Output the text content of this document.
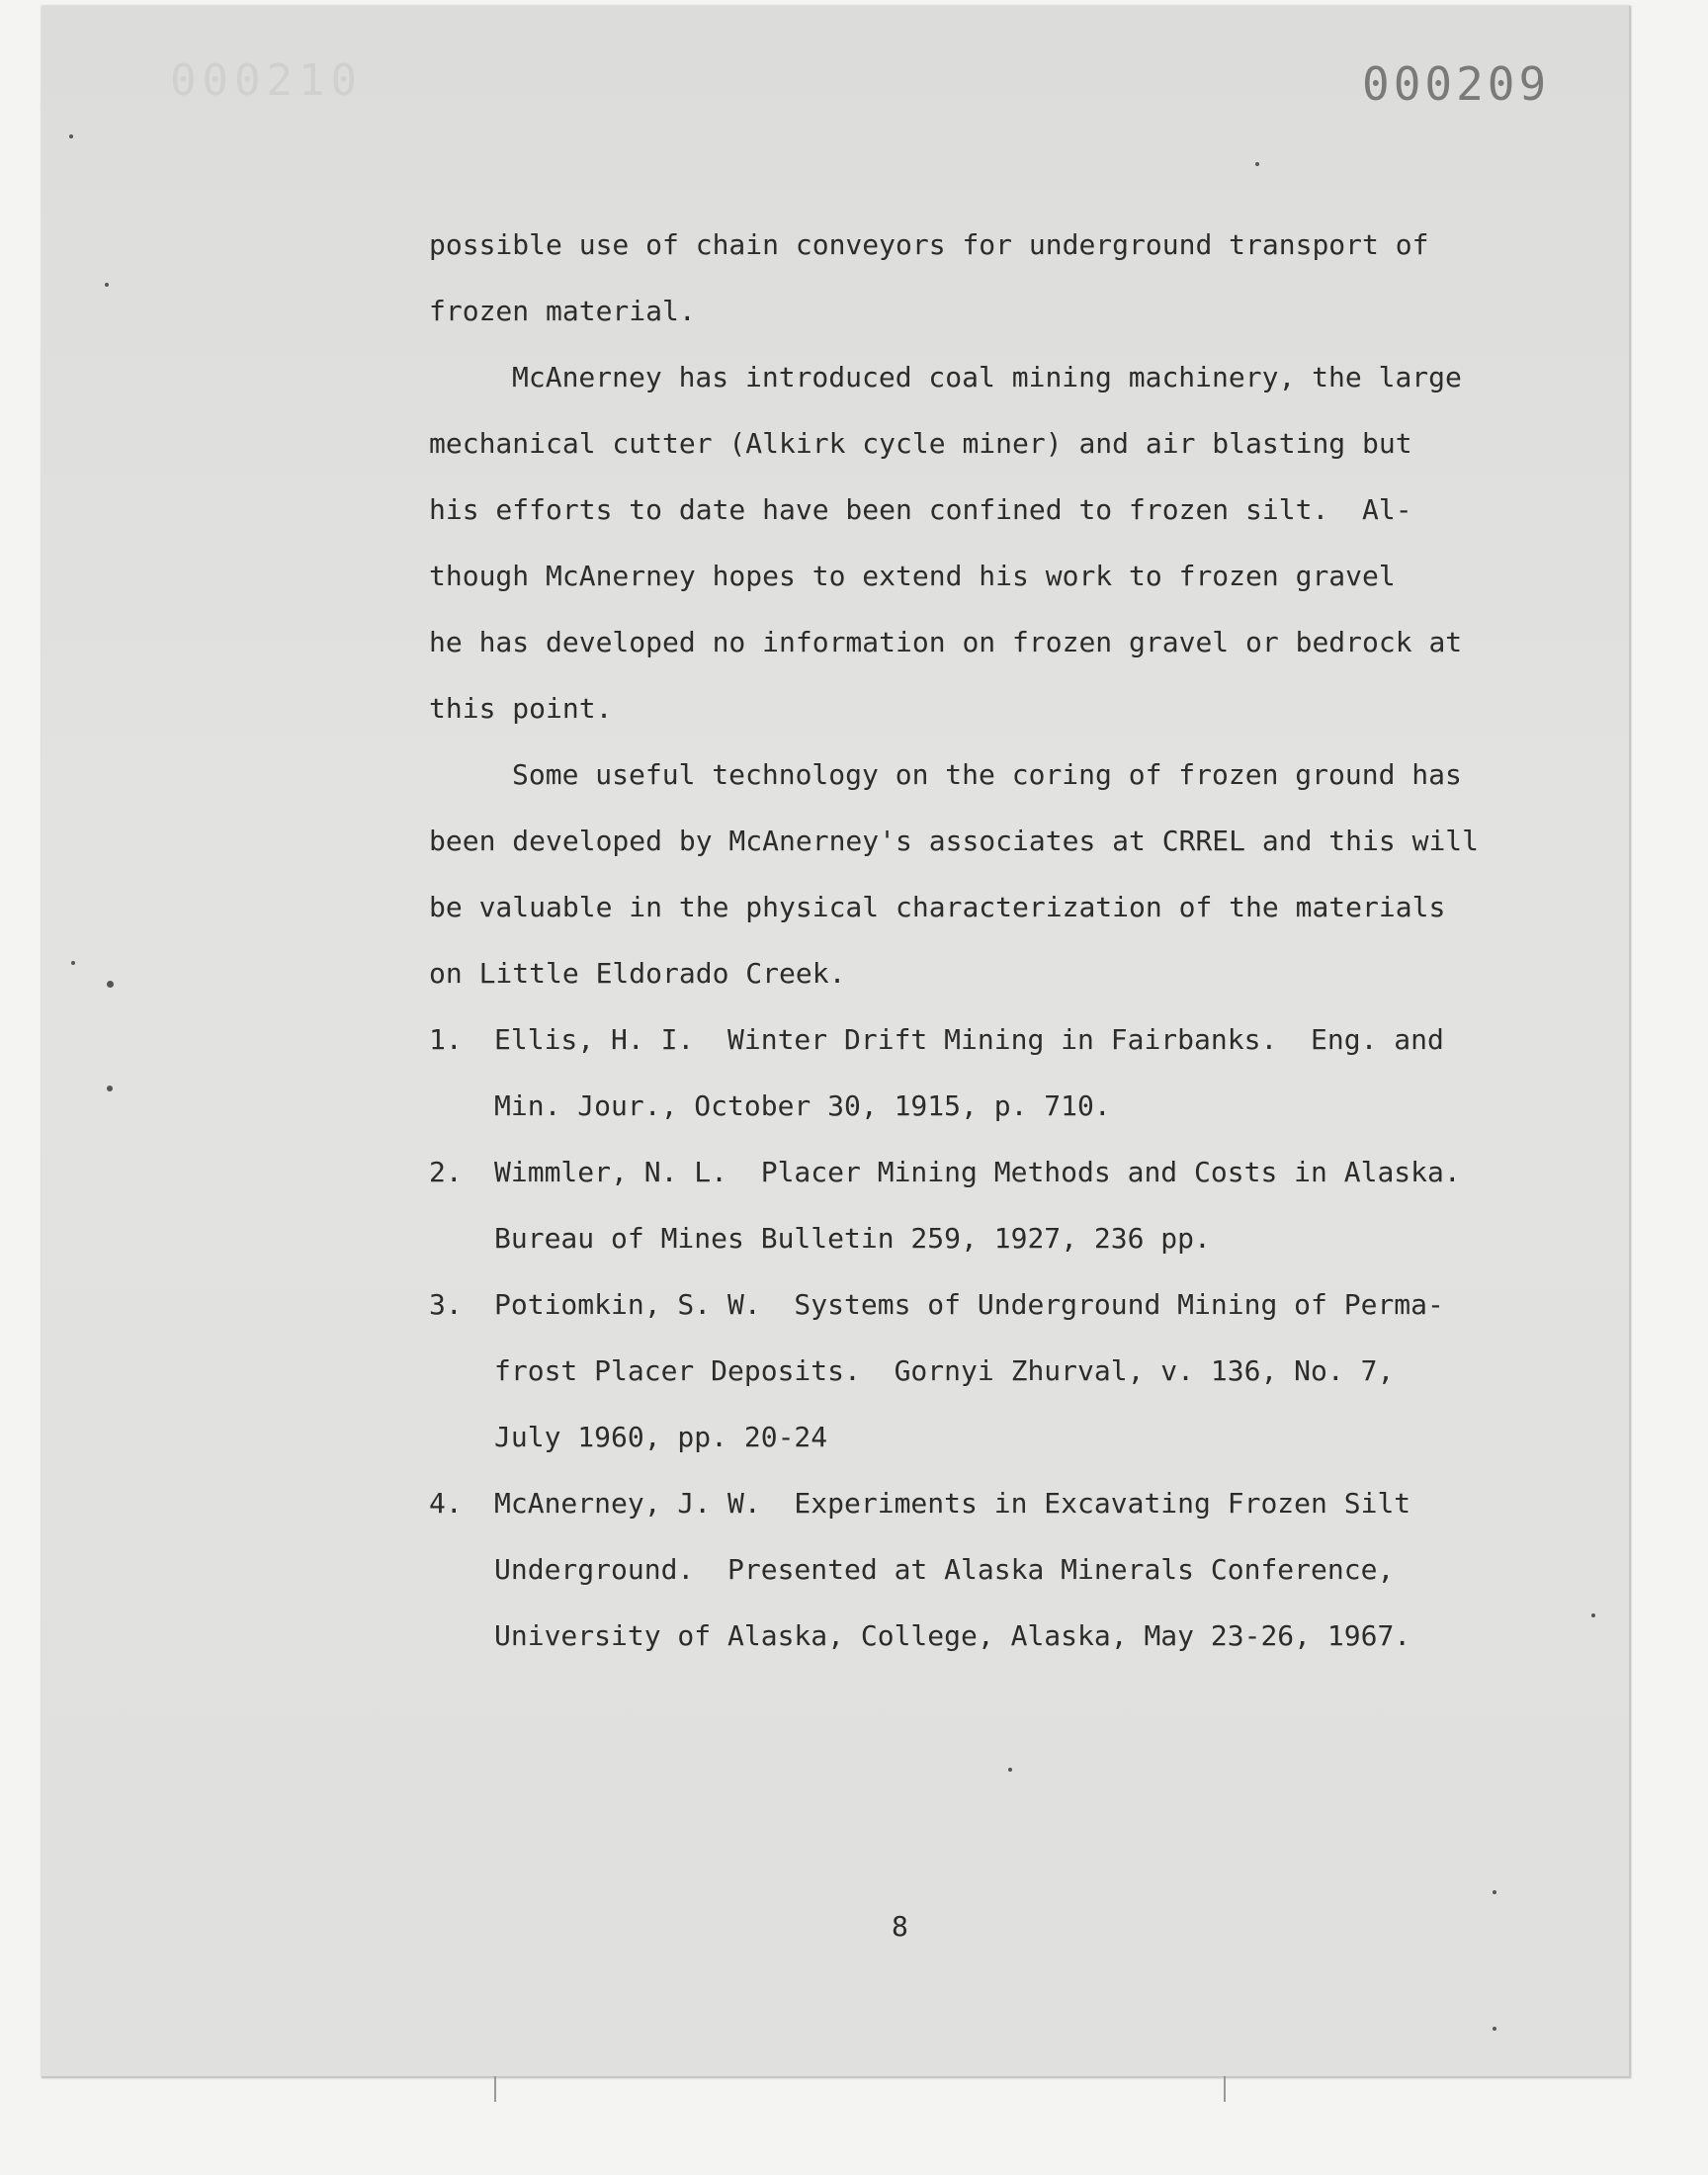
000210	000209

possible use of chain conveyors for underground transport of

frozen material.

McAnerney has introduced coal mining machinery, the large

mechanical cutter (Alkirk cycle miner) and air blasting but

his efforts to date have been confined to frozen silt.  Al-

though McAnerney hopes to extend his work to frozen gravel

he has developed no information on frozen gravel or bedrock at

this point.

Some useful technology on the coring of frozen ground has

been developed by McAnerney's associates at CRREL and this will

be valuable in the physical characterization of the materials

on Little Eldorado Creek.

1.	Ellis, H. I.  Winter Drift Mining in Fairbanks.  Eng. and

Min. Jour., October 30, 1915, p. 710.

2.	Wimmler, N. L.  Placer Mining Methods and Costs in Alaska.

Bureau of Mines Bulletin 259, 1927, 236 pp.

3.	Potiomkin, S. W.  Systems of Underground Mining of Perma-

frost Placer Deposits.  Gornyi Zhurval, v. 136, No. 7,

July 1960, pp. 20-24

4.	McAnerney, J. W.  Experiments in Excavating Frozen Silt

Underground.  Presented at Alaska Minerals Conference,

University of Alaska, College, Alaska, May 23-26, 1967.

8
